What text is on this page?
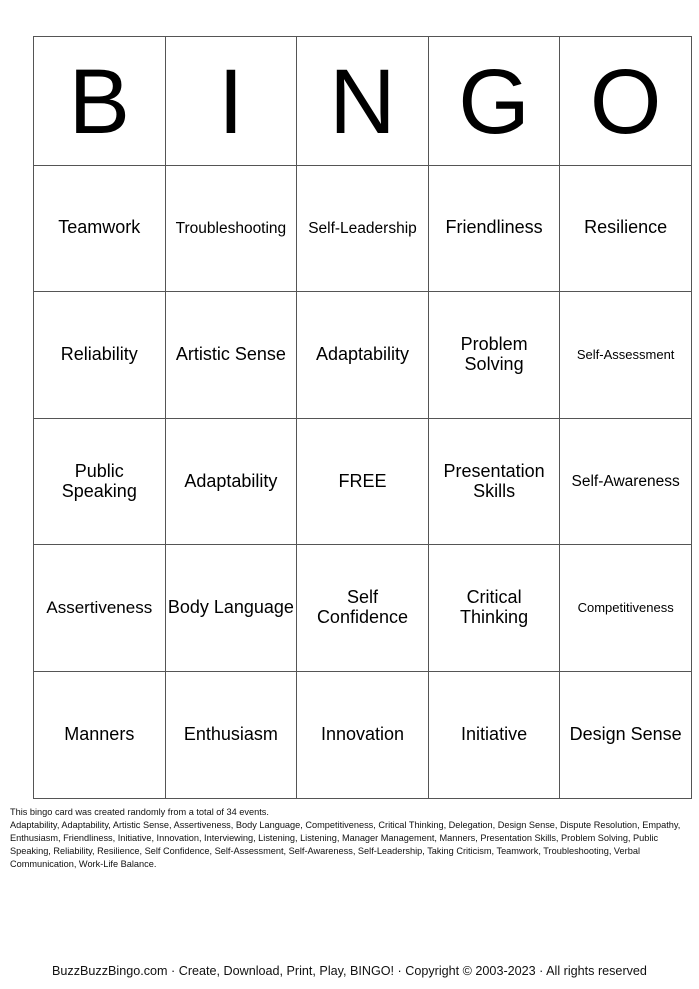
B	I	N	G	O
Teamwork	Troubleshooting	Self-Leadership	Friendliness	Resilience
Reliability	Artistic Sense	Adaptability	Problem Solving	Self-Assessment
Public Speaking	Adaptability	FREE	Presentation Skills	Self-Awareness
Assertiveness	Body Language	Self Confidence	Critical Thinking	Competitiveness
Manners	Enthusiasm	Innovation	Initiative	Design Sense
This bingo card was created randomly from a total of 34 events.
Adaptability, Adaptability, Artistic Sense, Assertiveness, Body Language, Competitiveness, Critical Thinking, Delegation, Design Sense, Dispute Resolution, Empathy, Enthusiasm, Friendliness, Initiative, Innovation, Interviewing, Listening, Listening, Manager Management, Manners, Presentation Skills, Problem Solving, Public Speaking, Reliability, Resilience, Self Confidence, Self-Assessment, Self-Awareness, Self-Leadership, Taking Criticism, Teamwork, Troubleshooting, Verbal Communication, Work-Life Balance.
BuzzBuzzBingo.com · Create, Download, Print, Play, BINGO! · Copyright © 2003-2023 · All rights reserved
